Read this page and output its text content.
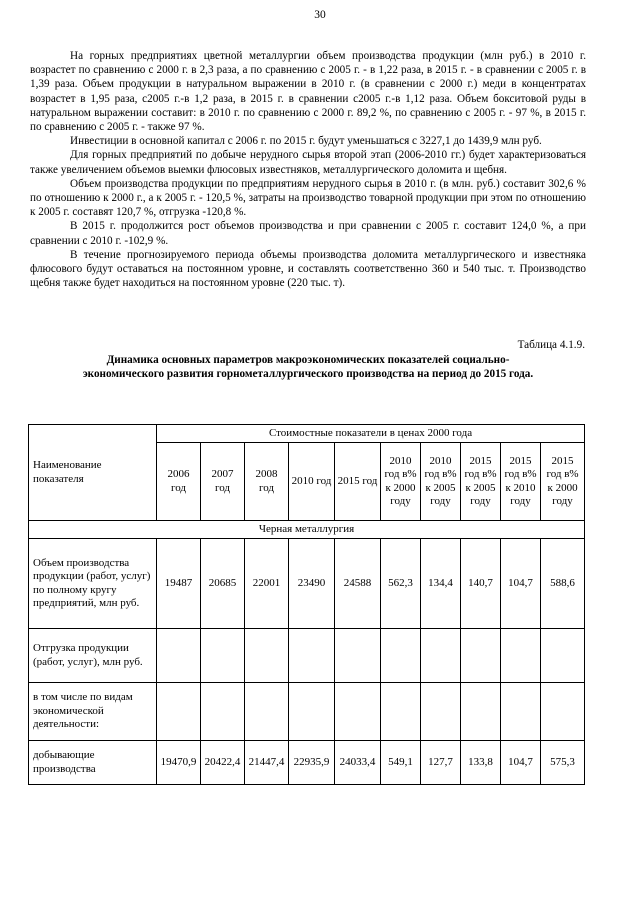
30

На горных предприятиях цветной металлургии объем производства продукции (млн руб.) в 2010 г. возрастет по сравнению с 2000 г. в 2,3 раза, а по сравнению с 2005 г. - в 1,22 раза, в 2015 г. - в сравнении с 2005 г. в 1,39 раза. Объем продукции в натуральном выражении в 2010 г. (в сравнении с 2000 г.) меди в концентратах возрастет в 1,95 раза, с2005 г.-в 1,2 раза, в 2015 г. в сравнении с2005 г.-в 1,12 раза. Объем бокситовой руды в натуральном выражении составит: в 2010 г. по сравнению с 2000 г. 89,2 %, по сравнению с 2005 г. - 97 %, в 2015 г. по сравнению с 2005 г. - также 97 %.

Инвестиции в основной капитал с 2006 г. по 2015 г. будут уменьшаться с 3227,1 до 1439,9 млн руб.

Для горных предприятий по добыче нерудного сырья второй этап (2006-2010 гг.) будет характеризоваться также увеличением объемов выемки флюсовых известняков, металлургического доломита и щебня.

Объем производства продукции по предприятиям нерудного сырья в 2010 г. (в млн. руб.) составит 302,6 % по отношению к 2000 г., а к 2005 г. - 120,5 %, затраты на производство товарной продукции при этом по отношению к 2005 г. составят 120,7 %, отгрузка -120,8 %.

В 2015 г. продолжится рост объемов производства и при сравнении с 2005 г. составит 124,0 %, а при сравнении с 2010 г. -102,9 %.

В течение прогнозируемого периода объемы производства доломита металлургического и известняка флюсового будут оставаться на постоянном уровне, и составлять соответственно 360 и 540 тыс. т. Производство щебня также будет находиться на постоянном уровне (220 тыс. т).

Таблица 4.1.9.
Динамика основных параметров макроэкономических показателей социально-
экономического развития горнометаллургического производства на период до 2015 года.
Наименование показателя	Стоимостные показатели в ценах 2000 года									
	2006 год	2007 год	2008 год	2010 год	2015 год	2010 год в% к 2000 году	2010 год в% к 2005 году	2015 год в% к 2005 году	2015 год в% к 2010 году	2015 год в% к 2000 году
Черная металлургия										
Объем производства продукции (работ, услуг) по полному кругу предприятий, млн руб.	19487	20685	22001	23490	24588	562,3	134,4	140,7	104,7	588,6
Отгрузка продукции (работ, услуг), млн руб.										
в том числе по видам экономической деятельности:										
добывающие производства	19470,9	20422,4	21447,4	22935,9	24033,4	549,1	127,7	133,8	104,7	575,3
